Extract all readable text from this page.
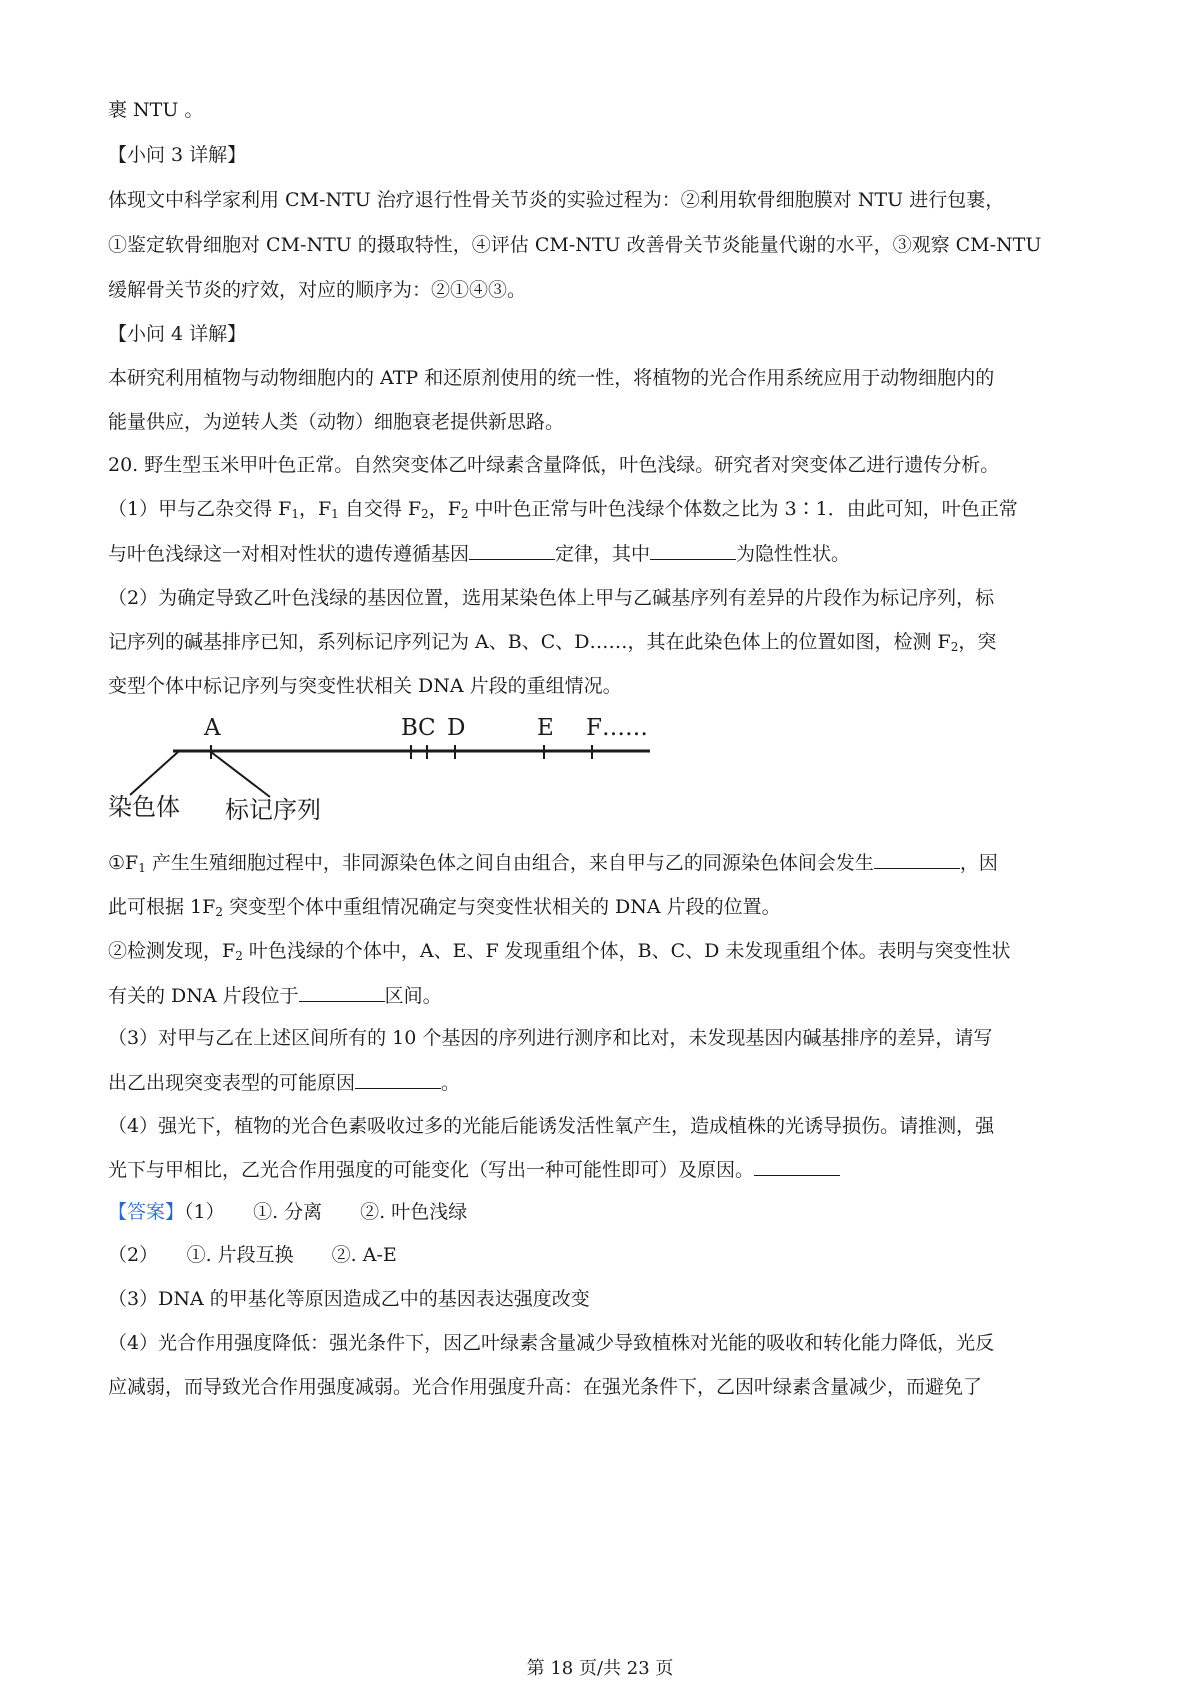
裹 NTU 。
【小问 3 详解】
体现文中科学家利用 CM-NTU 治疗退行性骨关节炎的实验过程为：②利用软骨细胞膜对 NTU 进行包裹，
①鉴定软骨细胞对 CM-NTU 的摄取特性，④评估 CM-NTU 改善骨关节炎能量代谢的水平，③观察 CM-NTU
缓解骨关节炎的疗效，对应的顺序为：②①④③。
【小问 4 详解】
本研究利用植物与动物细胞内的 ATP 和还原剂使用的统一性，将植物的光合作用系统应用于动物细胞内的
能量供应，为逆转人类（动物）细胞衰老提供新思路。
20. 野生型玉米甲叶色正常。自然突变体乙叶绿素含量降低，叶色浅绿。研究者对突变体乙进行遗传分析。
（1）甲与乙杂交得 $F_1$，$F_1$ 自交得 $F_2$，$F_2$ 中叶色正常与叶色浅绿个体数之比为 3∶1．由此可知，叶色正常
与叶色浅绿这一对相对性状的遗传遵循基因	定律，其中	为隐性性状。
（2）为确定导致乙叶色浅绿的基因位置，选用某染色体上甲与乙碱基序列有差异的片段作为标记序列，标
记序列的碱基排序已知，系列标记序列记为 A、B、C、D……，其在此染色体上的位置如图，检测 $F_2$，突
变型个体中标记序列与突变性状相关 DNA 片段的重组情况。
A	B C D	E F……
染色体 标记序列
$①F_1$ 产生生殖细胞过程中，非同源染色体之间自由组合，来自甲与乙的同源染色体间会发生	，因
此可根据 $1F_2$ 突变型个体中重组情况确定与突变性状相关的 DNA 片段的位置。
②检测发现，$F_2$ 叶色浅绿的个体中，A、E、F 发现重组个体，B、C、D 未发现重组个体。表明与突变性状
有关的 DNA 片段位于	区间。
（3）对甲与乙在上述区间所有的 10 个基因的序列进行测序和比对，未发现基因内碱基排序的差异，请写
出乙出现突变表型的可能原因	。
（4）强光下，植物的光合色素吸收过多的光能后能诱发活性氧产生，造成植株的光诱导损伤。请推测，强
光下与甲相比，乙光合作用强度的可能变化（写出一种可能性即可）及原因。
【答案】（1）　　①. 分离　　②. 叶色浅绿
（2）　　①. 片段互换　　②. A-E
（3）DNA 的甲基化等原因造成乙中的基因表达强度改变
（4）光合作用强度降低：强光条件下，因乙叶绿素含量减少导致植株对光能的吸收和转化能力降低，光反
应减弱，而导致光合作用强度减弱。光合作用强度升高：在强光条件下，乙因叶绿素含量减少，而避免了
第 18 页/共 23 页
